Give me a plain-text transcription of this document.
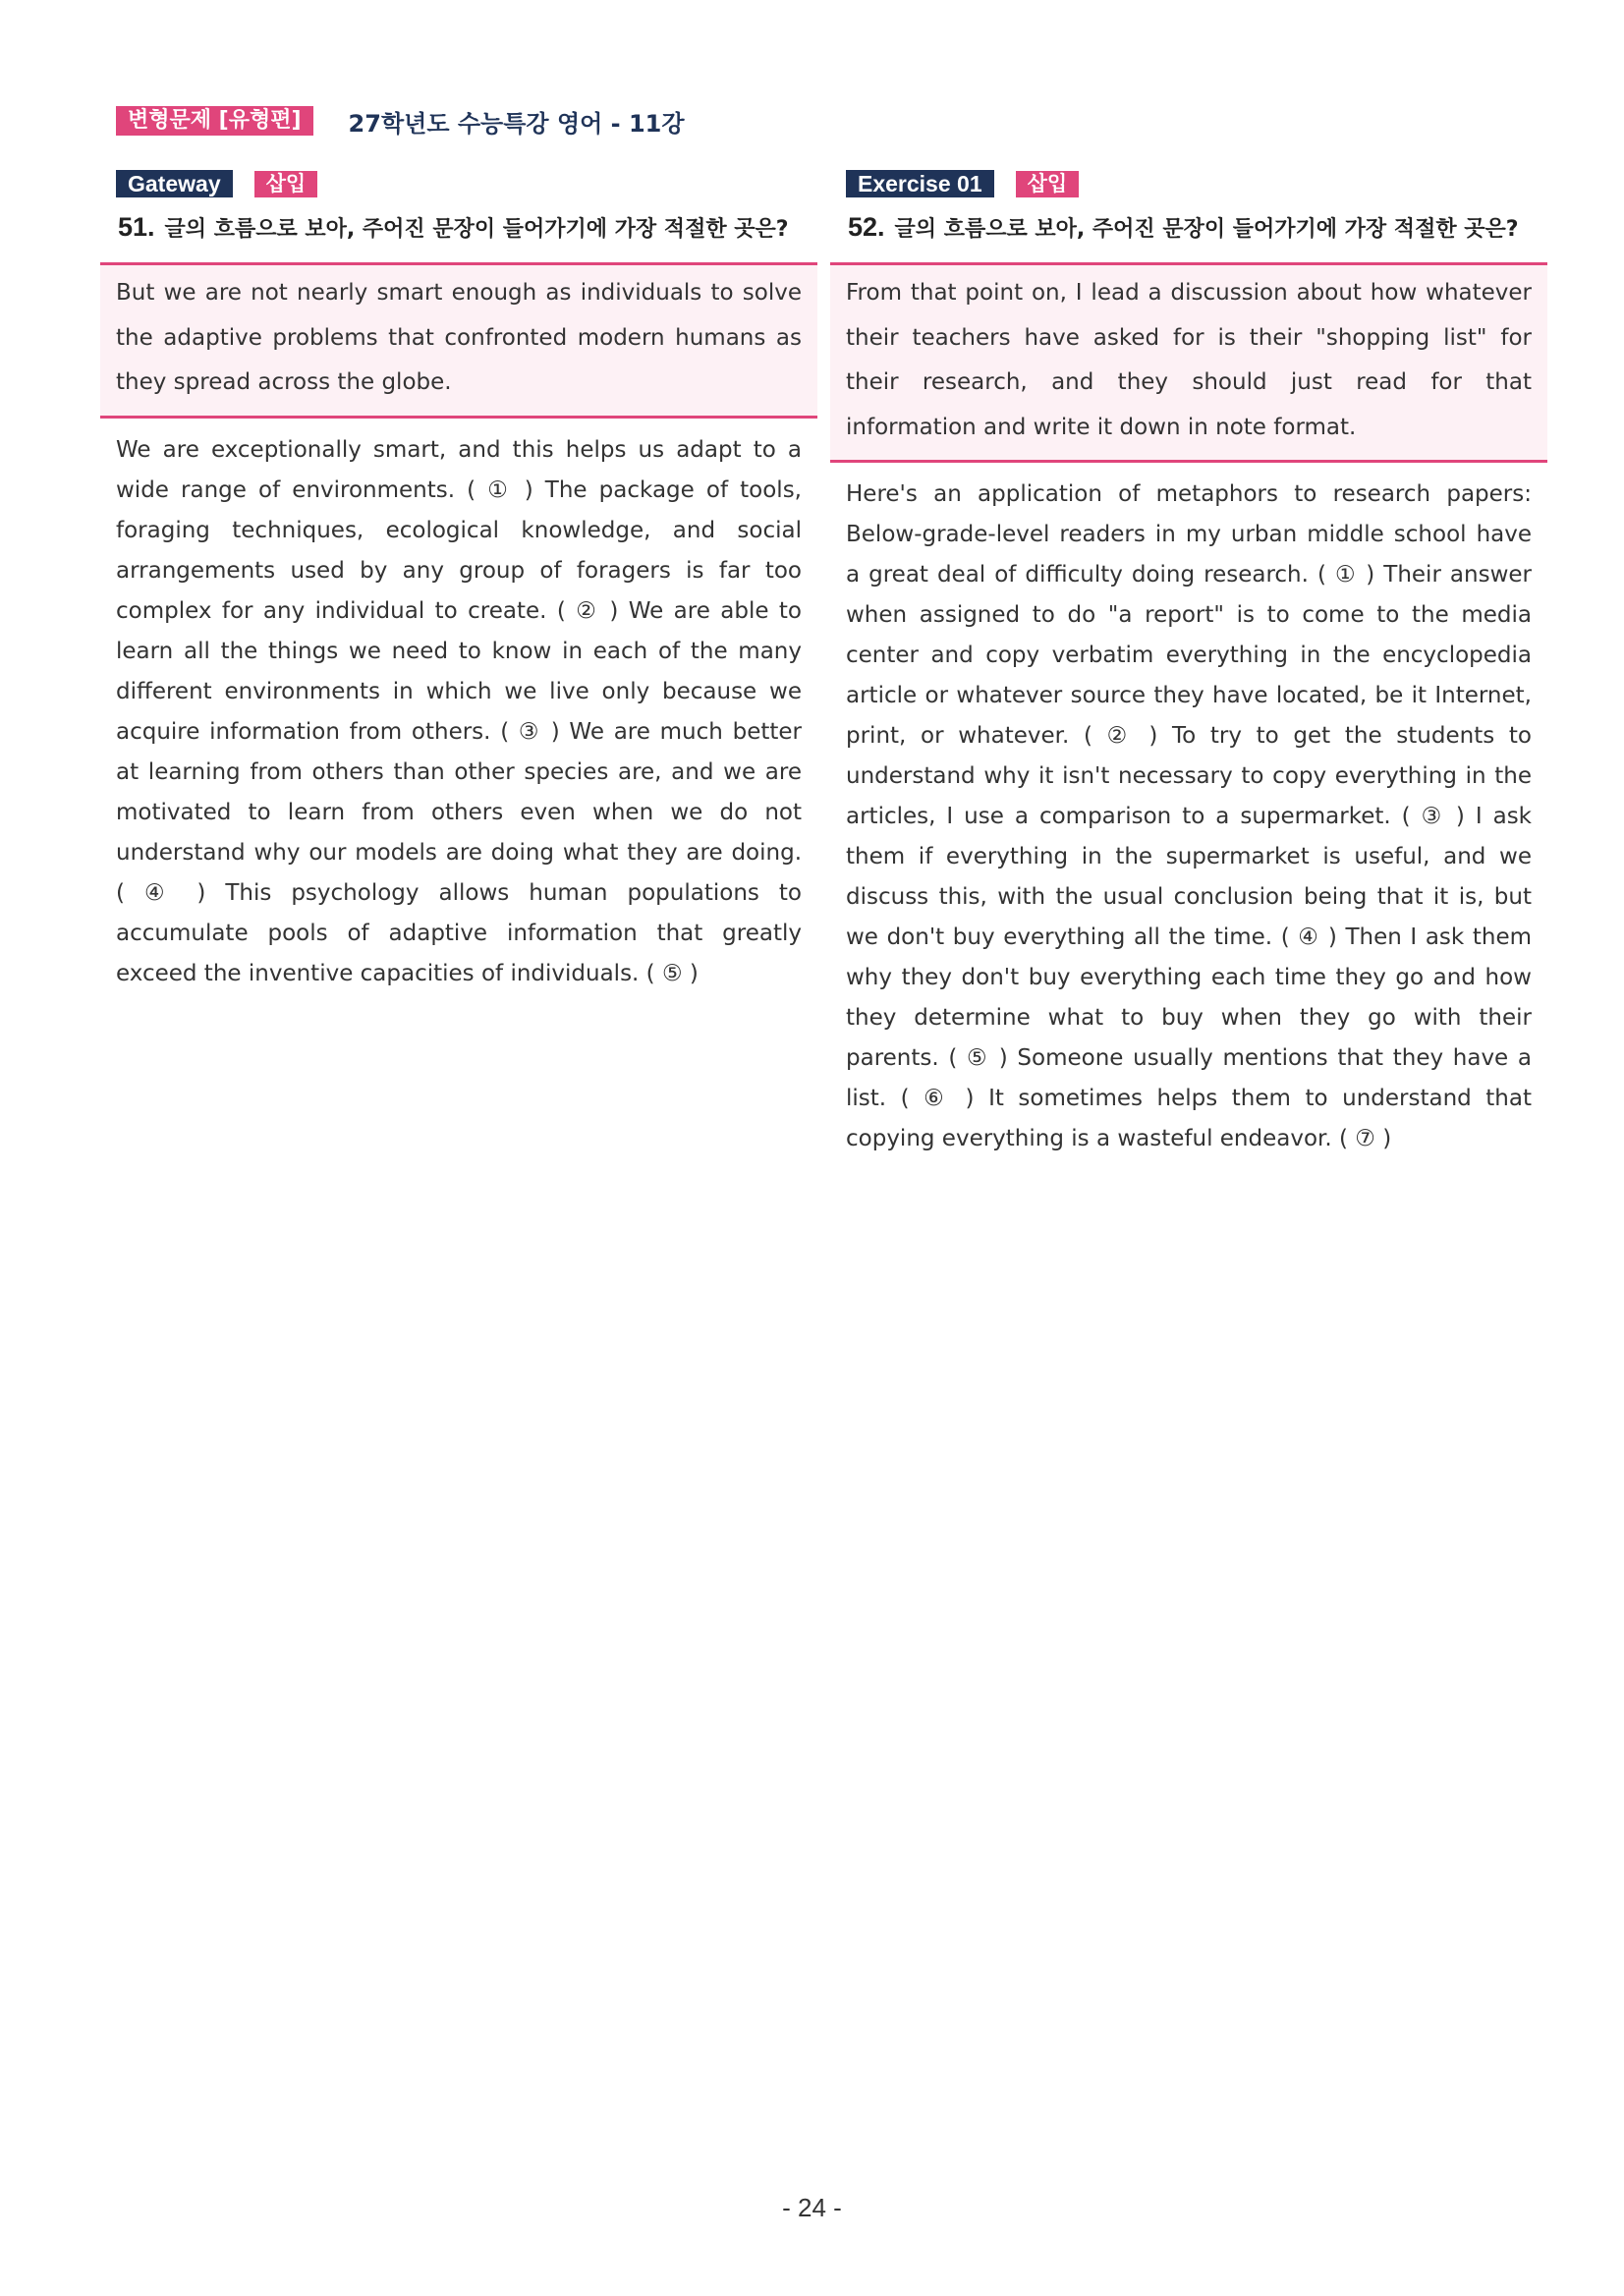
변형문제 [유형편]	27학년도 수능특강 영어 - 11강
Gateway	삽입
51. 글의 흐름으로 보아, 주어진 문장이 들어가기에 가장 적절한 곳은?
But we are not nearly smart enough as individuals to solve the adaptive problems that confronted modern humans as they spread across the globe.
We are exceptionally smart, and this helps us adapt to a wide range of environments. ( ① ) The package of tools, foraging techniques, ecological knowledge, and social arrangements used by any group of foragers is far too complex for any individual to create. ( ② ) We are able to learn all the things we need to know in each of the many different environments in which we live only because we acquire information from others. ( ③ ) We are much better at learning from others than other species are, and we are motivated to learn from others even when we do not understand why our models are doing what they are doing. ( ④ ) This psychology allows human populations to accumulate pools of adaptive information that greatly exceed the inventive capacities of individuals. ( ⑤ )
Exercise 01	삽입
52. 글의 흐름으로 보아, 주어진 문장이 들어가기에 가장 적절한 곳은?
From that point on, I lead a discussion about how whatever their teachers have asked for is their "shopping list" for their research, and they should just read for that information and write it down in note format.
Here's an application of metaphors to research papers: Below-grade-level readers in my urban middle school have a great deal of difficulty doing research. ( ① ) Their answer when assigned to do "a report" is to come to the media center and copy verbatim everything in the encyclopedia article or whatever source they have located, be it Internet, print, or whatever. ( ② ) To try to get the students to understand why it isn't necessary to copy everything in the articles, I use a comparison to a supermarket. ( ③ ) I ask them if everything in the supermarket is useful, and we discuss this, with the usual conclusion being that it is, but we don't buy everything all the time. ( ④ ) Then I ask them why they don't buy everything each time they go and how they determine what to buy when they go with their parents. ( ⑤ ) Someone usually mentions that they have a list. ( ⑥ ) It sometimes helps them to understand that copying everything is a wasteful endeavor. ( ⑦ )
- 24 -
